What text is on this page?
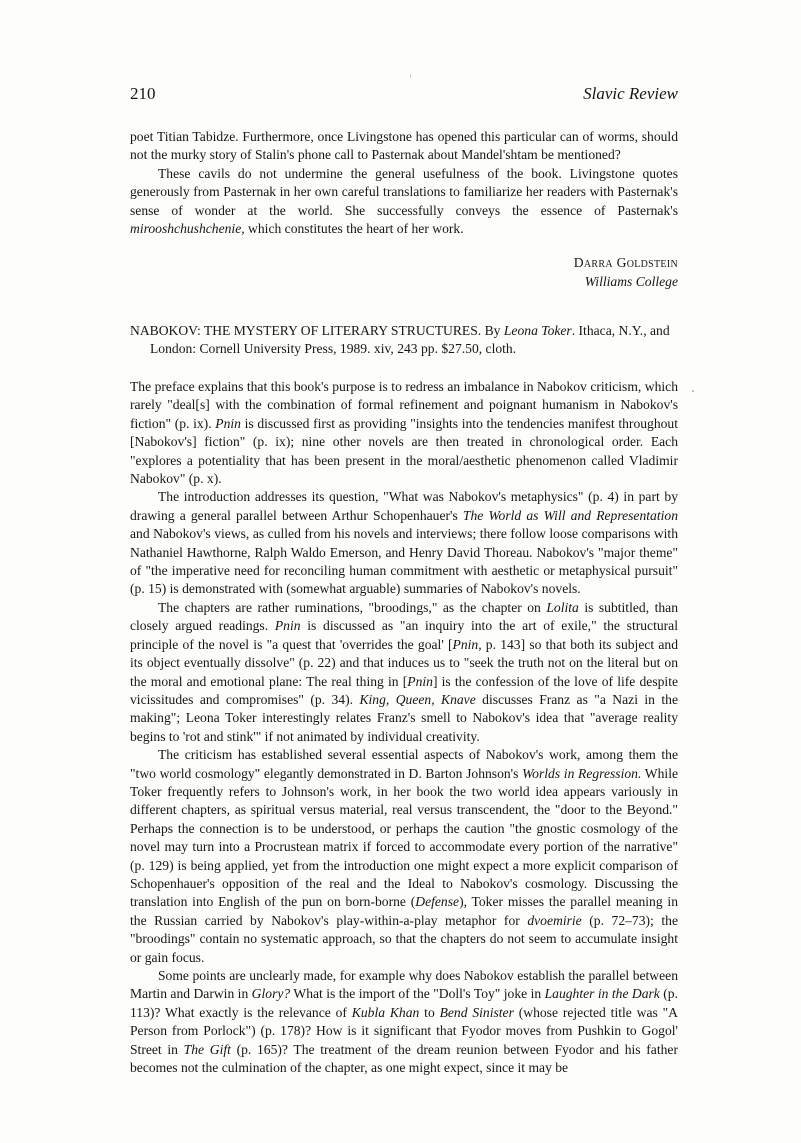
210	Slavic Review

poet Titian Tabidze. Furthermore, once Livingstone has opened this particular can of worms, should not the murky story of Stalin's phone call to Pasternak about Mandel'shtam be mentioned?

These cavils do not undermine the general usefulness of the book. Livingstone quotes generously from Pasternak in her own careful translations to familiarize her readers with Pasternak's sense of wonder at the world. She successfully conveys the essence of Pasternak's mirooshchushchenie, which constitutes the heart of her work.

Darra Goldstein
Williams College
NABOKOV: THE MYSTERY OF LITERARY STRUCTURES. By Leona Toker. Ithaca, N.Y., and London: Cornell University Press, 1989. xiv, 243 pp. $27.50, cloth.

The preface explains that this book's purpose is to redress an imbalance in Nabokov criticism, which rarely "deal[s] with the combination of formal refinement and poignant humanism in Nabokov's fiction" (p. ix). Pnin is discussed first as providing "insights into the tendencies manifest throughout [Nabokov's] fiction" (p. ix); nine other novels are then treated in chronological order. Each "explores a potentiality that has been present in the moral/aesthetic phenomenon called Vladimir Nabokov" (p. x).

The introduction addresses its question, "What was Nabokov's metaphysics" (p. 4) in part by drawing a general parallel between Arthur Schopenhauer's The World as Will and Representation and Nabokov's views, as culled from his novels and interviews; there follow loose comparisons with Nathaniel Hawthorne, Ralph Waldo Emerson, and Henry David Thoreau. Nabokov's "major theme" of "the imperative need for reconciling human commitment with aesthetic or metaphysical pursuit" (p. 15) is demonstrated with (somewhat arguable) summaries of Nabokov's novels.

The chapters are rather ruminations, "broodings," as the chapter on Lolita is subtitled, than closely argued readings. Pnin is discussed as "an inquiry into the art of exile," the structural principle of the novel is "a quest that 'overrides the goal' [Pnin, p. 143] so that both its subject and its object eventually dissolve" (p. 22) and that induces us to "seek the truth not on the literal but on the moral and emotional plane: The real thing in [Pnin] is the confession of the love of life despite vicissitudes and compromises" (p. 34). King, Queen, Knave discusses Franz as "a Nazi in the making"; Leona Toker interestingly relates Franz's smell to Nabokov's idea that "average reality begins to 'rot and stink'" if not animated by individual creativity.

The criticism has established several essential aspects of Nabokov's work, among them the "two world cosmology" elegantly demonstrated in D. Barton Johnson's Worlds in Regression. While Toker frequently refers to Johnson's work, in her book the two world idea appears variously in different chapters, as spiritual versus material, real versus transcendent, the "door to the Beyond." Perhaps the connection is to be understood, or perhaps the caution "the gnostic cosmology of the novel may turn into a Procrustean matrix if forced to accommodate every portion of the narrative" (p. 129) is being applied, yet from the introduction one might expect a more explicit comparison of Schopenhauer's opposition of the real and the Ideal to Nabokov's cosmology. Discussing the translation into English of the pun on born-borne (Defense), Toker misses the parallel meaning in the Russian carried by Nabokov's play-within-a-play metaphor for dvoemirie (p. 72–73); the "broodings" contain no systematic approach, so that the chapters do not seem to accumulate insight or gain focus.

Some points are unclearly made, for example why does Nabokov establish the parallel between Martin and Darwin in Glory? What is the import of the "Doll's Toy" joke in Laughter in the Dark (p. 113)? What exactly is the relevance of Kubla Khan to Bend Sinister (whose rejected title was "A Person from Porlock") (p. 178)? How is it significant that Fyodor moves from Pushkin to Gogol' Street in The Gift (p. 165)? The treatment of the dream reunion between Fyodor and his father becomes not the culmination of the chapter, as one might expect, since it may be
